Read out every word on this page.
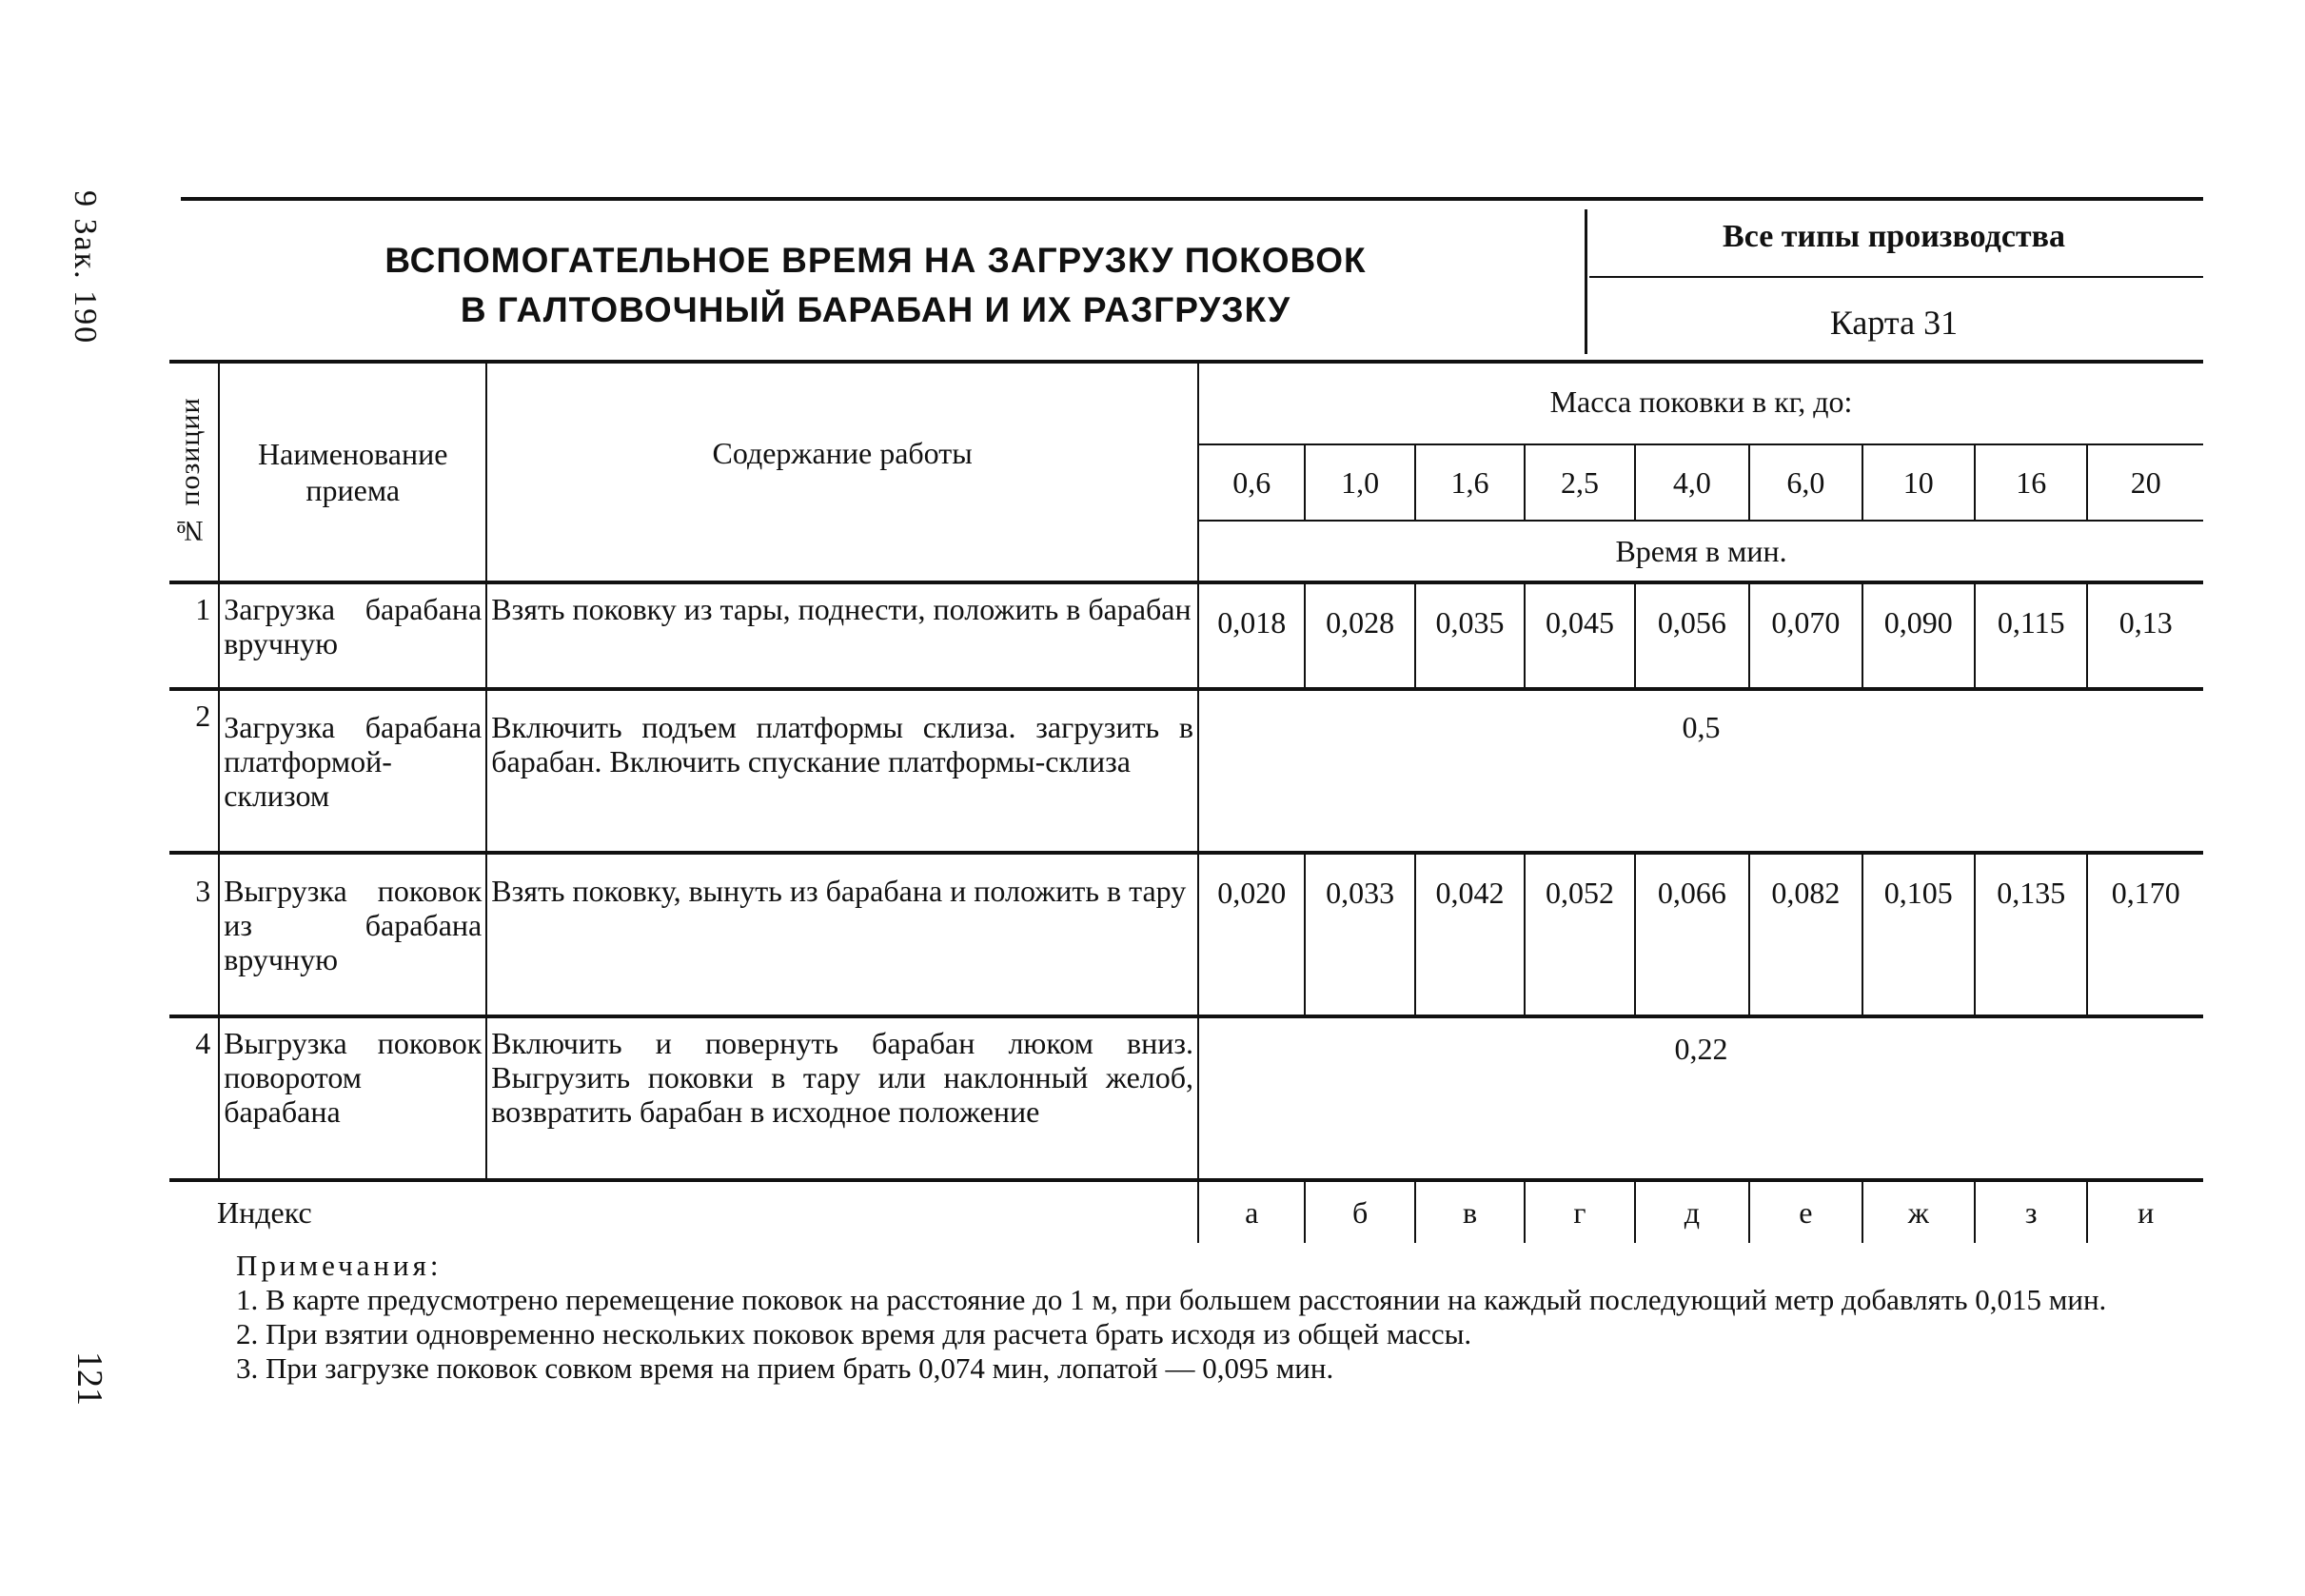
9 Зак. 190
121
ВСПОМОГАТЕЛЬНОЕ ВРЕМЯ НА ЗАГРУЗКУ ПОКОВОК
В ГАЛТОВОЧНЫЙ БАРАБАН И ИХ РАЗГРУЗКУ
Все типы производства
Карта 31
№ позиции	Наименование приема	Содержание работы	Масса поковки в кг, до:								
			0,6	1,0	1,6	2,5	4,0	6,0	10	16	20
			Время в мин.								
1	Загрузка барабана вручную	Взять поковку из тары, поднести, положить в барабан	0,018	0,028	0,035	0,045	0,056	0,070	0,090	0,115	0,13
2	Загрузка барабана платформой-склизом	Включить подъем платформы склиза. загрузить в барабан. Включить спускание платформы-склиза	0,5								
3	Выгрузка поковок из барабана вручную	Взять поковку, вынуть из барабана и положить в тару	0,020	0,033	0,042	0,052	0,066	0,082	0,105	0,135	0,170
4	Выгрузка поковок поворотом барабана	Включить и повернуть барабан люком вниз. Выгрузить поковки в тару или наклонный желоб, возвратить барабан в исходное положение	0,22								
Индекс			а	б	в	г	д	е	ж	з	и
Примечания:

1. В карте предусмотрено перемещение поковок на расстояние до 1 м, при большем расстоянии на каждый последующий метр добавлять 0,015 мин.

2. При взятии одновременно нескольких поковок время для расчета брать исходя из общей массы.

3. При загрузке поковок совком время на прием брать 0,074 мин, лопатой — 0,095 мин.
